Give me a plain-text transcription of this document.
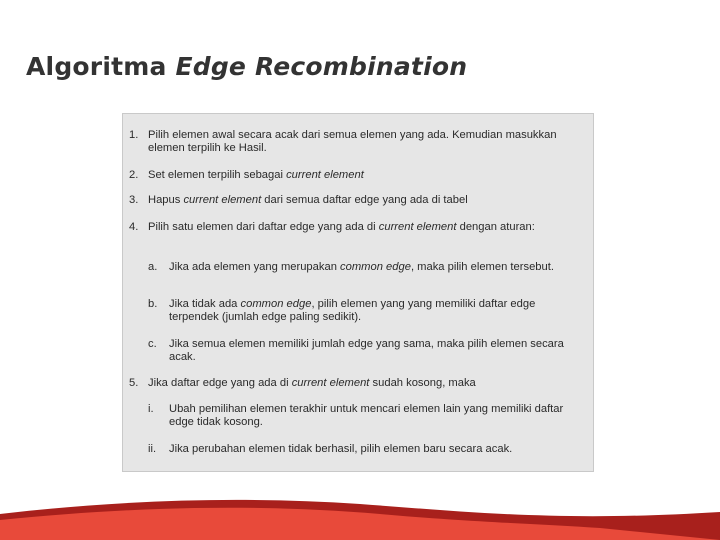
Algoritma Edge Recombination
1. Pilih elemen awal secara acak dari semua elemen yang ada. Kemudian masukkan elemen terpilih ke Hasil.
2. Set elemen terpilih sebagai current element
3. Hapus current element dari semua daftar edge yang ada di tabel
4. Pilih satu elemen dari daftar edge yang ada di current element dengan aturan:
a. Jika ada elemen yang merupakan common edge, maka pilih elemen tersebut.
b. Jika tidak ada common edge, pilih elemen yang yang memiliki daftar edge terpendek (jumlah edge paling sedikit).
c. Jika semua elemen memiliki jumlah edge yang sama, maka pilih elemen secara acak.
5. Jika daftar edge yang ada di current element sudah kosong, maka
i. Ubah pemilihan elemen terakhir untuk mencari elemen lain yang memiliki daftar edge tidak kosong.
ii. Jika perubahan elemen tidak berhasil, pilih elemen baru secara acak.
